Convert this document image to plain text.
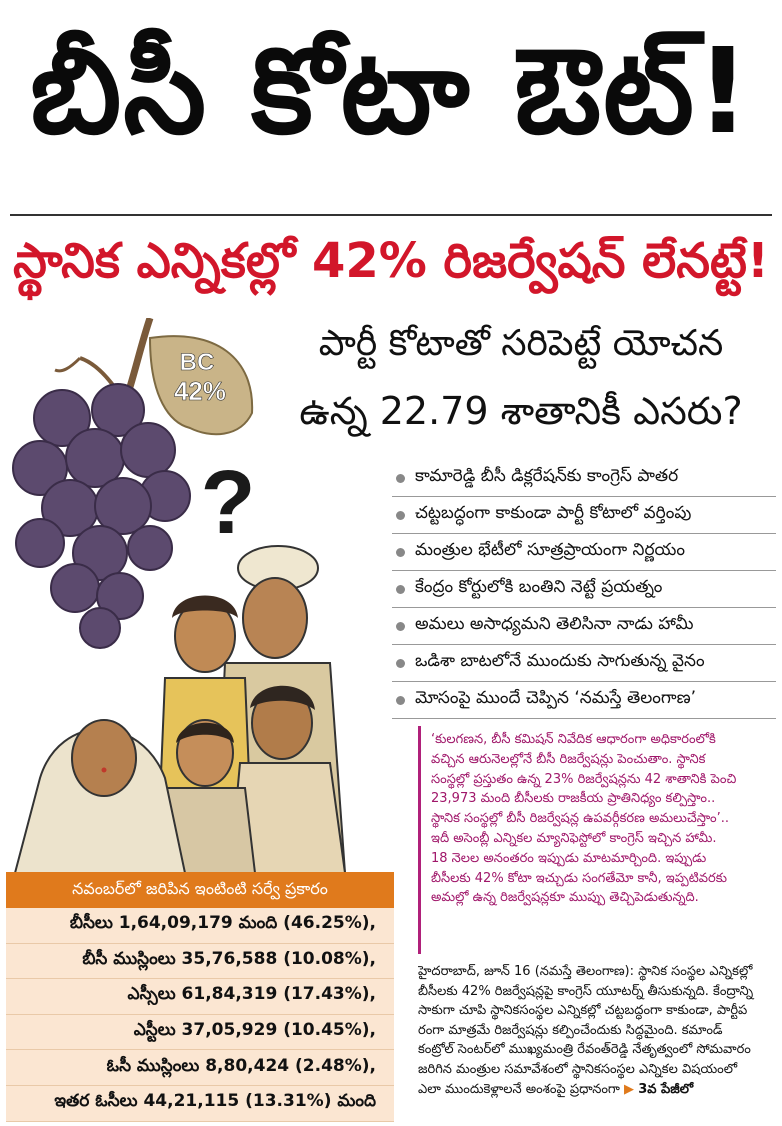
బీసీ కోటా ఔట్!
స్థానిక ఎన్నికల్లో 42% రిజర్వేషన్ లేనట్టే!
పార్టీ కోటాతో సరిపెట్టే యోచన
ఉన్న 22.79 శాతానికీ ఎసరు?
BC
42%
?	కామారెడ్డి బీసీ డిక్లరేషన్‌కు కాంగ్రెస్ పాతర
చట్టబద్ధంగా కాకుండా పార్టీ కోటాలో వర్తింపు
మంత్రుల భేటీలో సూత్రప్రాయంగా నిర్ణయం
కేంద్రం కోర్టులోకి బంతిని నెట్టే ప్రయత్నం
అమలు అసాధ్యమని తెలిసినా నాడు హామీ
ఒడిశా బాటలోనే ముందుకు సాగుతున్న వైనం
మోసంపై ముందే చెప్పిన ‘నమస్తే తెలంగాణ’

‘కులగణన, బీసీ కమిషన్ నివేదిక ఆధారంగా అధికారంలోకి

వచ్చిన ఆరునెలల్లోనే బీసీ రిజర్వేషన్లు పెంచుతాం. స్థానిక

సంస్థల్లో ప్రస్తుతం ఉన్న 23% రిజర్వేషన్లను 42 శాతానికి పెంచి

23,973 మంది బీసీలకు రాజకీయ ప్రాతినిధ్యం కల్పిస్తాం..

స్థానిక సంస్థల్లో బీసీ రిజర్వేషన్ల ఉపవర్గీకరణ అమలుచేస్తాం’..

ఇదీ అసెంబ్లీ ఎన్నికల మ్యానిఫెస్టోలో కాంగ్రెస్ ఇచ్చిన హామీ.

18 నెలల అనంతరం ఇప్పుడు మాటమార్చింది. ఇప్పుడు

బీసీలకు 42% కోటా ఇచ్చుడు సంగతేమో కానీ, ఇప్పటివరకు

అమల్లో ఉన్న రిజర్వేషన్లకూ ముప్పు తెచ్చిపెడుతున్నది.

నవంబర్‌లో జరిపిన ఇంటింటి సర్వే ప్రకారం
బీసీలు 1,64,09,179 మంది (46.25%),
బీసీ ముస్లింలు 35,76,588 (10.08%),
ఎస్సీలు 61,84,319 (17.43%),
ఎస్టీలు 37,05,929 (10.45%),
ఓసీ ముస్లింలు 8,80,424 (2.48%),
ఇతర ఓసీలు 44,21,115 (13.31%) మంది

హైదరాబాద్, జూన్ 16 (నమస్తే తెలంగాణ): స్థానిక సంస్థల ఎన్నికల్లో

బీసీలకు 42% రిజర్వేషన్లపై కాంగ్రెస్ యూటర్న్ తీసుకున్నది. కేంద్రాన్ని

సాకుగా చూపి స్థానికసంస్థల ఎన్నికల్లో చట్టబద్ధంగా కాకుండా, పార్టీప

రంగా మాత్రమే రిజర్వేషన్లు కల్పించేందుకు సిద్ధమైంది. కమాండ్

కంట్రోల్ సెంటర్‌లో ముఖ్యమంత్రి రేవంత్‌రెడ్డి నేతృత్వంలో సోమవారం

జరిగిన మంత్రుల సమావేశంలో స్థానికసంస్థల ఎన్నికల విషయంలో

ఎలా ముందుకెళ్లాలనే అంశంపై ప్రధానంగా ▶ 3వ పేజీలో
